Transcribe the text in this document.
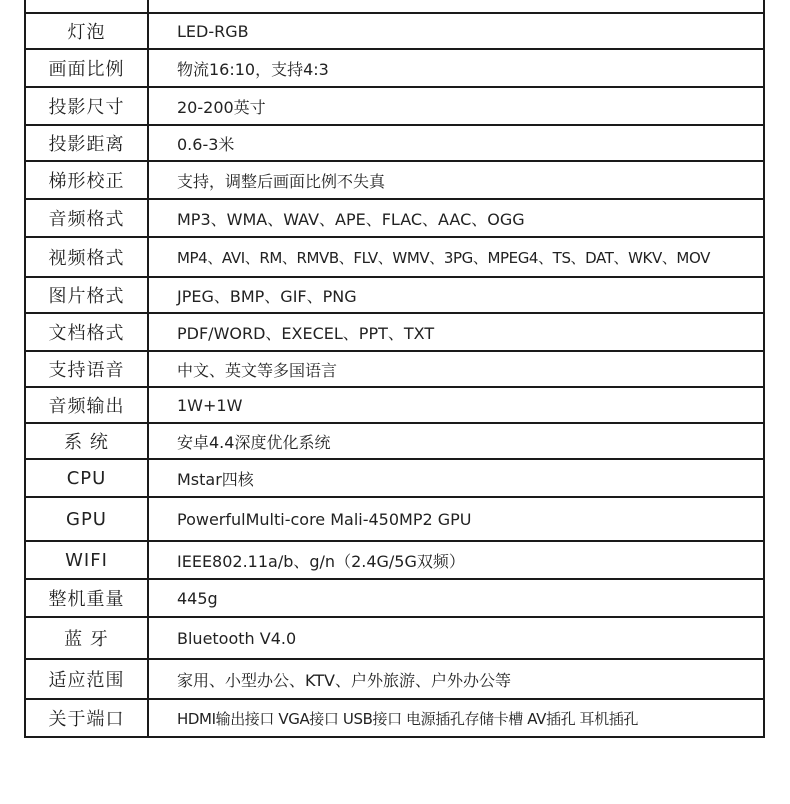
灯泡	LED-RGB
画面比例	物流16:10，支持4:3
投影尺寸	20-200英寸
投影距离	0.6-3米
梯形校正	支持，调整后画面比例不失真
音频格式	MP3、WMA、WAV、APE、FLAC、AAC、OGG
视频格式	MP4、AVI、RM、RMVB、FLV、WMV、3PG、MPEG4、TS、DAT、WKV、MOV
图片格式	JPEG、BMP、GIF、PNG
文档格式	PDF/WORD、EXECEL、PPT、TXT
支持语音	中文、英文等多国语言
音频输出	1W+1W
系 统	安卓4.4深度优化系统
CPU	Mstar四核
GPU	PowerfulMulti-core Mali-450MP2 GPU
WIFI	IEEE802.11a/b、g/n（2.4G/5G双频）
整机重量	445g
蓝 牙	Bluetooth V4.0
适应范围	家用、小型办公、KTV、户外旅游、户外办公等
关于端口	HDMI输出接口 VGA接口 USB接口 电源插孔存储卡槽 AV插孔 耳机插孔
